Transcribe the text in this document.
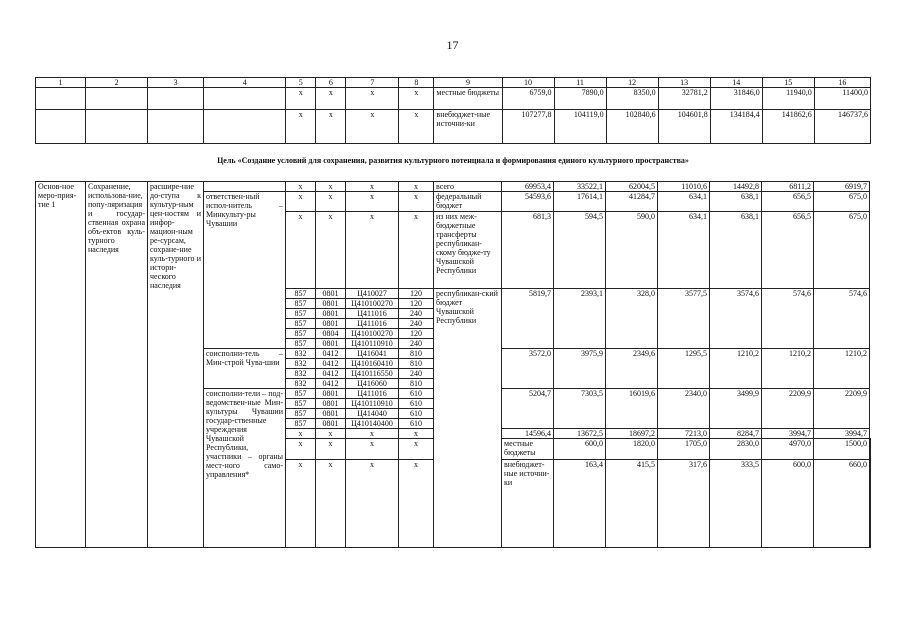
17
1	2	3	4	5	6	7	8	9	10	11	12	13	14	15	16
				x	x	x	x	местные бюджеты	6759,0	7890,0	8350,0	32781,2	31846,0	11940,0	11400,0
				x	x	x	x	внебюджет-ные источни-ки	107277,8	104119,0	102840,6	104601,8	134184,4	141862,6	146737,6
Цель «Создание условий для сохранения, развития культурного потенциала и формирования единого культурного пространства»
Основ-ное меро-прия-тие 1	Сохранение, использова-ние, попу-ляризация и государ-ственная охрана объ-ектов куль-турного наследия	расшире-ние до-ступа к культур-ным цен-ностям и инфор-мацион-ным ре-сурсам, сохране-ние куль-турного и истори-ческого наследия		x	x	x	x	всего	69953,4	33522,1	62004,5	11010,6	14492,8	6811,2	6919,7	
			ответствен-ный испол-нитель – Минкульту-ры Чувашии	x	x	x	x	федеральный бюджет	54593,6	17614,1	41284,7	634,1	638,1	656,5	675,0	
				x	x	x	x	из них меж-бюджетные трансферты республикан-скому бюдже-ту Чувашской Республики	681,3	594,5	590,0	634,1	638,1	656,5	675,0	
				857	0801	Ц410027	120	республикан-ский бюджет Чувашской Республики	5819,7	2393,1	328,0	3577,5	3574,6	574,6	574,6	
				857	0801	Ц410100270	120									
				857	0801	Ц411016	240									
				857	0801	Ц411016	240									
				857	0804	Ц410100270	120									
				857	0801	Ц410110910	240									
			соисполни-тель – Мин-строй Чува-шии	832	0412	Ц416041	810		3572,0	3975,9	2349,6	1295,5	1210,2	1210,2	1210,2	
				832	0412	Ц410160410	810									
				832	0412	Ц410116550	240									
				832	0412	Ц416060	810									
			соисполни-тели – под-ведомствен-ные Мин-культуры Чувашии государ-ственные учреждения Чувашской Республики, участники – органы мест-ного само-управления*	857	0801	Ц411016	610		5204,7	7303,5	16019,6	2340,0	3499,9	2209,9	2209,9	
				857	0801	Ц410110910	610									
				857	0801	Ц414040	610									
				857	0801	Ц410140400	610									
				x	x	x	x		14596,4	13672,5	18697,2	7213,0	8284,7	3994,7	3994,7	
				x	x	x	x		местные бюджеты	600,0	1820,0	1705,0	2830,0	4970,0	1500,0	
				x	x	x	x		внебюджет-ные источни-ки	163,4	415,5	317,6	333,5	600,0	660,0	
